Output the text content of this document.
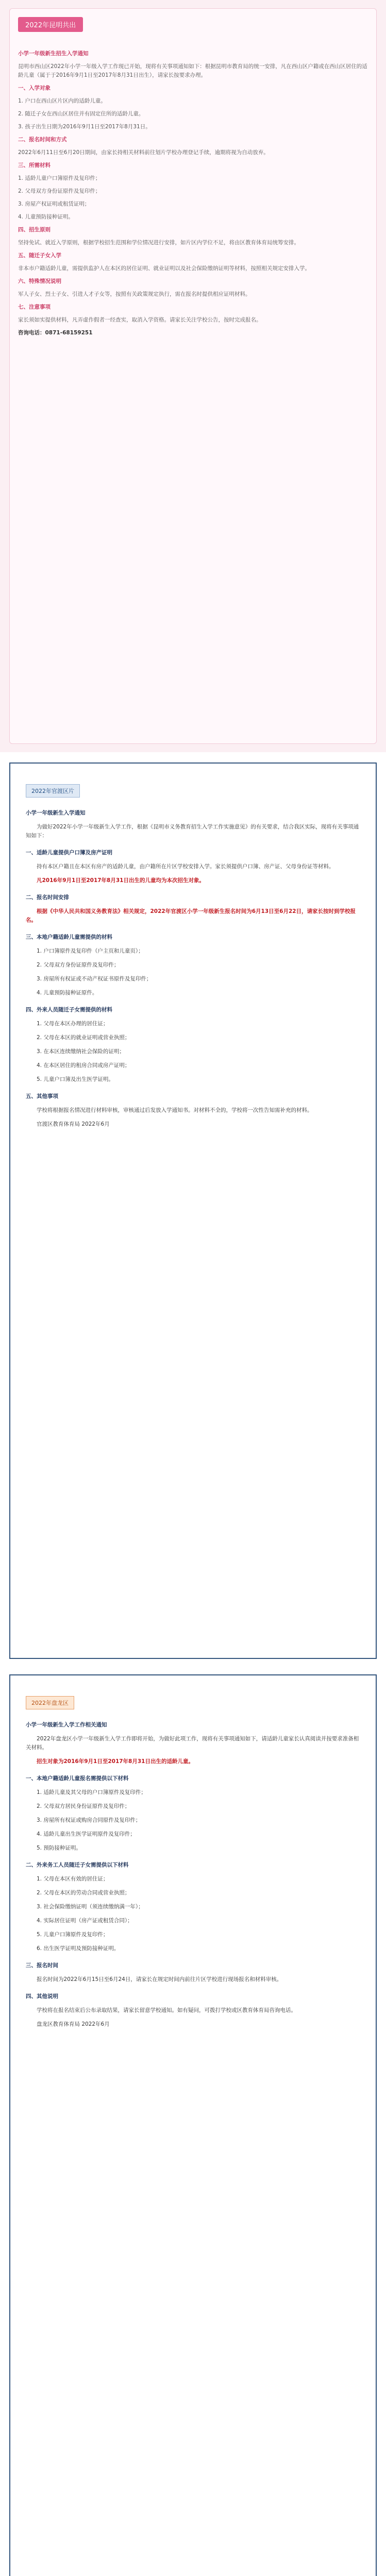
2022年昆明共出

小学一年级新生招生入学通知

昆明市西山区2022年小学一年级入学工作现已开始，现将有关事项通知如下：根据昆明市教育局的统一安排，凡在西山区户籍或在西山区居住的适龄儿童（属于于2016年9月1日至2017年8月31日出生），请家长按要求办理。

一、入学对象

1. 户口在西山区片区内的适龄儿童。

2. 随迁子女在西山区居住并有固定住所的适龄儿童。

3. 孩子出生日期为2016年9月1日至2017年8月31日。

二、报名时间和方式

2022年6月11日至6月20日期间，由家长持相关材料前往划片学校办理登记手续，逾期将视为自动放弃。

三、所需材料

1. 适龄儿童户口簿原件及复印件；

2. 父母双方身份证原件及复印件；

3. 房屋产权证明或租赁证明；

4. 儿童预防接种证明。

四、招生原则

坚持免试、就近入学原则，根据学校招生范围和学位情况进行安排，如片区内学位不足，将由区教育体育局统筹安排。

五、随迁子女入学

非本市户籍适龄儿童，需提供监护人在本区的居住证明、就业证明以及社会保险缴纳证明等材料，按照相关规定安排入学。

六、特殊情况说明

军人子女、烈士子女、引进人才子女等，按照有关政策规定执行，需在报名时提供相应证明材料。

七、注意事项

家长须如实提供材料，凡弄虚作假者一经查实，取消入学资格。请家长关注学校公告，按时完成报名。

咨询电话：0871-68159251

2022年官渡区片

小学一年级新生入学通知

为做好2022年小学一年级新生入学工作，根据《昆明市义务教育招生入学工作实施意见》的有关要求，结合我区实际，现将有关事项通知如下：

一、适龄儿童提供户口簿及房产证明

持有本区户籍且在本区有房产的适龄儿童，由户籍所在片区学校安排入学。家长须提供户口簿、房产证、父母身份证等材料。

凡2016年9月1日至2017年8月31日出生的儿童均为本次招生对象。

二、报名时间安排

根据《中华人民共和国义务教育法》相关规定，2022年官渡区小学一年级新生报名时间为6月13日至6月22日，请家长按时到学校报名。

三、本地户籍适龄儿童需提供的材料

1. 户口簿原件及复印件（户主页和儿童页）；

2. 父母双方身份证原件及复印件；

3. 房屋所有权证或不动产权证书原件及复印件；

4. 儿童预防接种证原件。

四、外来人员随迁子女需提供的材料

1. 父母在本区办理的居住证；

2. 父母在本区的就业证明或营业执照；

3. 在本区连续缴纳社会保险的证明；

4. 在本区居住的租房合同或房产证明；

5. 儿童户口簿及出生医学证明。

五、其他事项

学校将根据报名情况进行材料审核，审核通过后发放入学通知书。对材料不全的，学校将一次性告知需补充的材料。

官渡区教育体育局 2022年6月

2022年盘龙区

小学一年级新生入学工作相关通知

2022年盘龙区小学一年级新生入学工作即将开始，为做好此项工作，现将有关事项通知如下，请适龄儿童家长认真阅读并按要求准备相关材料。

招生对象为2016年9月1日至2017年8月31日出生的适龄儿童。

一、本地户籍适龄儿童报名需提供以下材料

1. 适龄儿童及其父母的户口簿原件及复印件；

2. 父母双方居民身份证原件及复印件；

3. 房屋所有权证或购房合同原件及复印件；

4. 适龄儿童出生医学证明原件及复印件；

5. 预防接种证明。

二、外来务工人员随迁子女需提供以下材料

1. 父母在本区有效的居住证；

2. 父母在本区的劳动合同或营业执照；

3. 社会保险缴纳证明（须连续缴纳满一年）；

4. 实际居住证明（房产证或租赁合同）；

5. 儿童户口簿原件及复印件；

6. 出生医学证明及预防接种证明。

三、报名时间

报名时间为2022年6月15日至6月24日，请家长在规定时间内前往片区学校进行现场报名和材料审核。

四、其他说明

学校将在报名结束后公布录取结果，请家长留意学校通知。如有疑问，可拨打学校或区教育体育局咨询电话。

盘龙区教育体育局 2022年6月
